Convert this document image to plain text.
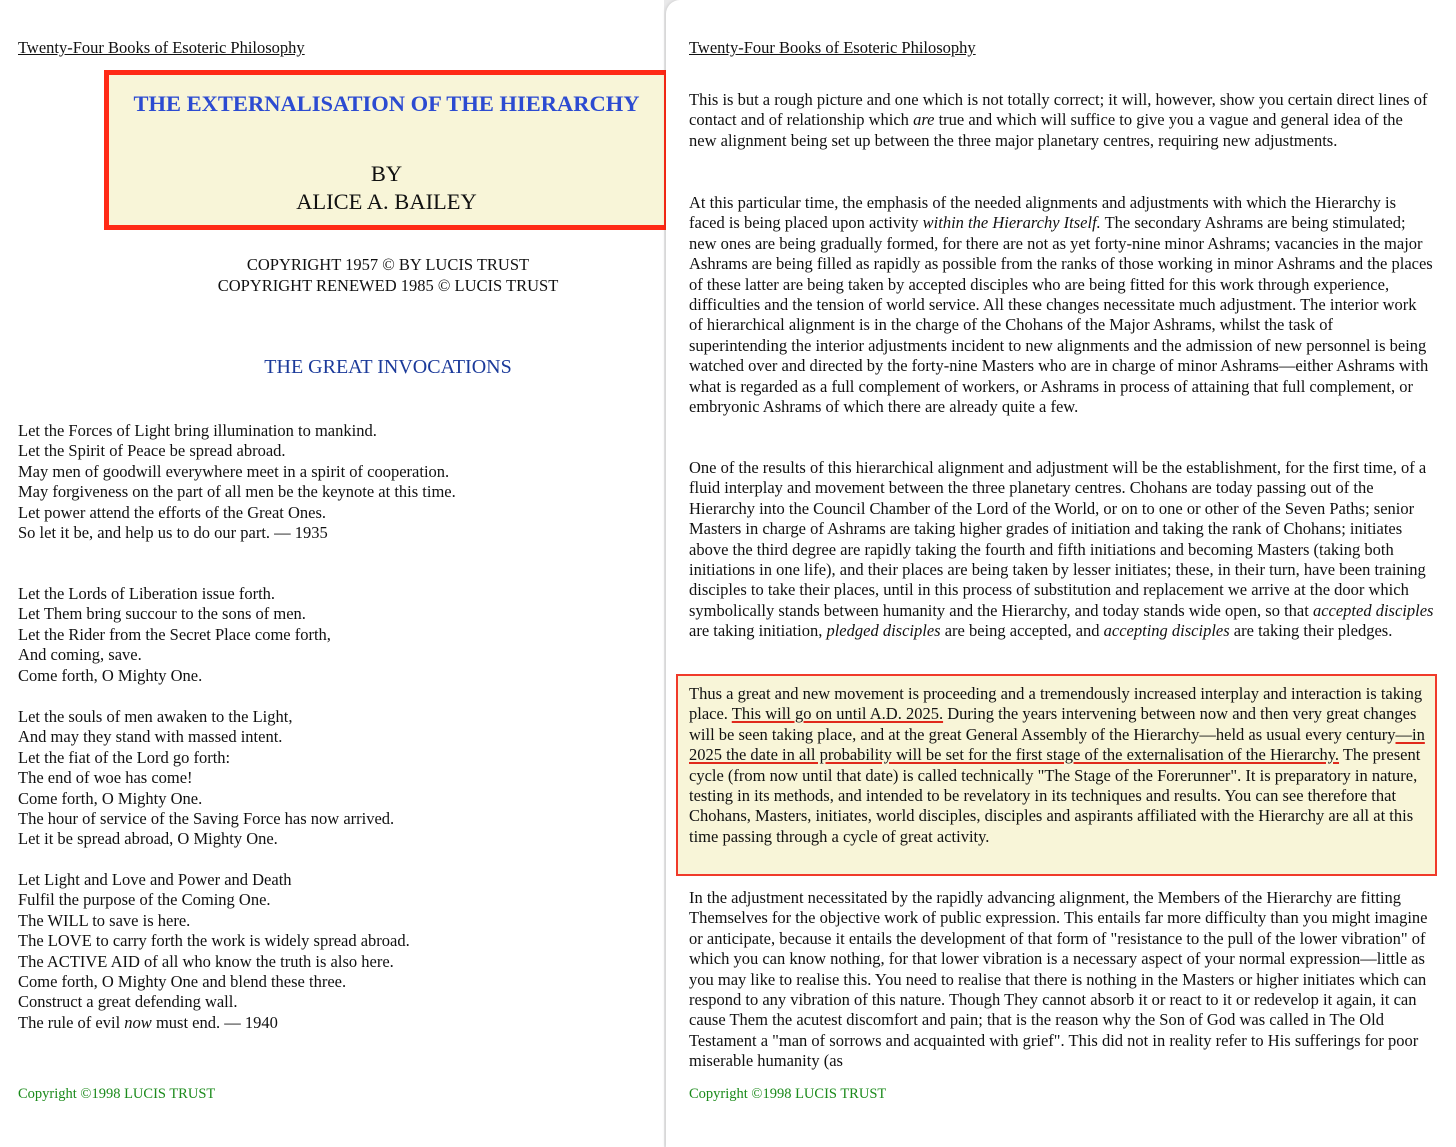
Twenty-Four Books of Esoteric Philosophy
THE EXTERNALISATION OF THE HIERARCHY
BY
ALICE A. BAILEY
COPYRIGHT 1957 © BY LUCIS TRUST
COPYRIGHT RENEWED 1985 © LUCIS TRUST
THE GREAT INVOCATIONS
Let the Forces of Light bring illumination to mankind.
Let the Spirit of Peace be spread abroad.
May men of goodwill everywhere meet in a spirit of cooperation.
May forgiveness on the part of all men be the keynote at this time.
Let power attend the efforts of the Great Ones.
So let it be, and help us to do our part. — 1935
Let the Lords of Liberation issue forth.
Let Them bring succour to the sons of men.
Let the Rider from the Secret Place come forth,
And coming, save.
Come forth, O Mighty One.
Let the souls of men awaken to the Light,
And may they stand with massed intent.
Let the fiat of the Lord go forth:
The end of woe has come!
Come forth, O Mighty One.
The hour of service of the Saving Force has now arrived.
Let it be spread abroad, O Mighty One.
Let Light and Love and Power and Death
Fulfil the purpose of the Coming One.
The WILL to save is here.
The LOVE to carry forth the work is widely spread abroad.
The ACTIVE AID of all who know the truth is also here.
Come forth, O Mighty One and blend these three.
Construct a great defending wall.
The rule of evil now must end. — 1940
Copyright ©1998 LUCIS TRUST
Twenty-Four Books of Esoteric Philosophy
This is but a rough picture and one which is not totally correct; it will, however, show you certain direct lines of contact and of relationship which are true and which will suffice to give you a vague and general idea of the new alignment being set up between the three major planetary centres, requiring new adjustments.
At this particular time, the emphasis of the needed alignments and adjustments with which the Hierarchy is faced is being placed upon activity within the Hierarchy Itself. The secondary Ashrams are being stimulated; new ones are being gradually formed, for there are not as yet forty-nine minor Ashrams; vacancies in the major Ashrams are being filled as rapidly as possible from the ranks of those working in minor Ashrams and the places of these latter are being taken by accepted disciples who are being fitted for this work through experience, difficulties and the tension of world service. All these changes necessitate much adjustment. The interior work of hierarchical alignment is in the charge of the Chohans of the Major Ashrams, whilst the task of superintending the interior adjustments incident to new alignments and the admission of new personnel is being watched over and directed by the forty-nine Masters who are in charge of minor Ashrams—either Ashrams with what is regarded as a full complement of workers, or Ashrams in process of attaining that full complement, or embryonic Ashrams of which there are already quite a few.
One of the results of this hierarchical alignment and adjustment will be the establishment, for the first time, of a fluid interplay and movement between the three planetary centres. Chohans are today passing out of the Hierarchy into the Council Chamber of the Lord of the World, or on to one or other of the Seven Paths; senior Masters in charge of Ashrams are taking higher grades of initiation and taking the rank of Chohans; initiates above the third degree are rapidly taking the fourth and fifth initiations and becoming Masters (taking both initiations in one life), and their places are being taken by lesser initiates; these, in their turn, have been training disciples to take their places, until in this process of substitution and replacement we arrive at the door which symbolically stands between humanity and the Hierarchy, and today stands wide open, so that accepted disciples are taking initiation, pledged disciples are being accepted, and accepting disciples are taking their pledges.
Thus a great and new movement is proceeding and a tremendously increased interplay and interaction is taking place. This will go on until A.D. 2025. During the years intervening between now and then very great changes will be seen taking place, and at the great General Assembly of the Hierarchy—held as usual every century—in 2025 the date in all probability will be set for the first stage of the externalisation of the Hierarchy. The present cycle (from now until that date) is called technically "The Stage of the Forerunner". It is preparatory in nature, testing in its methods, and intended to be revelatory in its techniques and results. You can see therefore that Chohans, Masters, initiates, world disciples, disciples and aspirants affiliated with the Hierarchy are all at this time passing through a cycle of great activity.
In the adjustment necessitated by the rapidly advancing alignment, the Members of the Hierarchy are fitting Themselves for the objective work of public expression. This entails far more difficulty than you might imagine or anticipate, because it entails the development of that form of "resistance to the pull of the lower vibration" of which you can know nothing, for that lower vibration is a necessary aspect of your normal expression—little as you may like to realise this. You need to realise that there is nothing in the Masters or higher initiates which can respond to any vibration of this nature. Though They cannot absorb it or react to it or redevelop it again, it can cause Them the acutest discomfort and pain; that is the reason why the Son of God was called in The Old Testament a "man of sorrows and acquainted with grief". This did not in reality refer to His sufferings for poor miserable humanity (as
Copyright ©1998 LUCIS TRUST
